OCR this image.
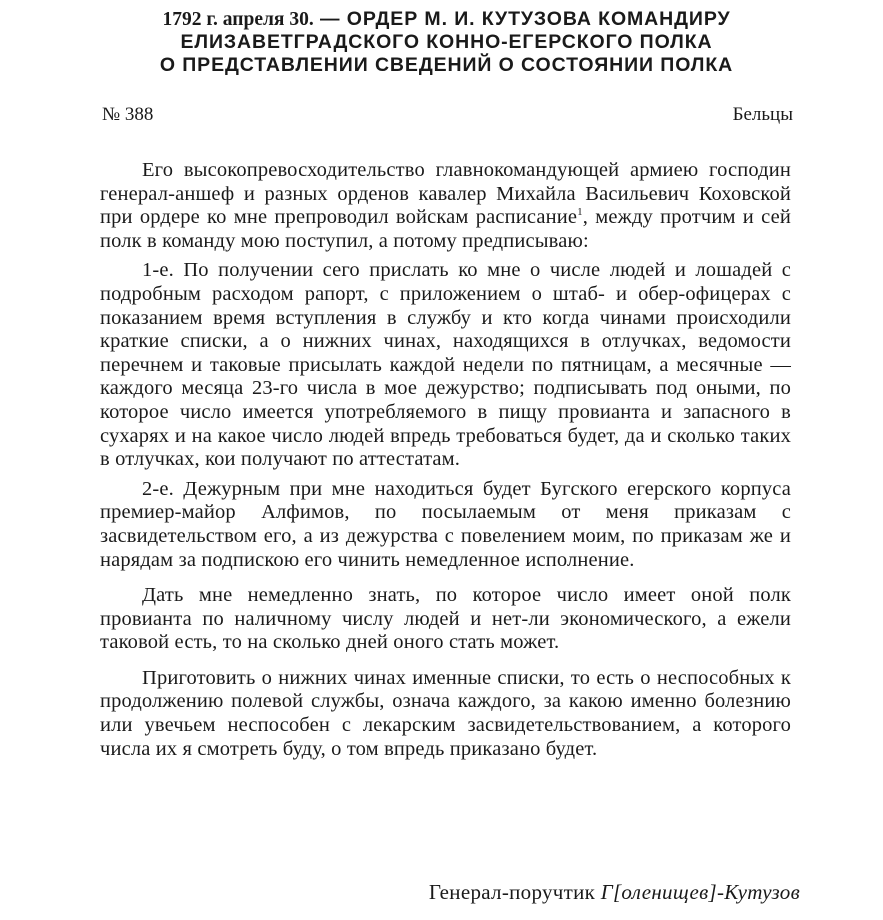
1792 г. апреля 30. — ОРДЕР М. И. КУТУЗОВА КОМАНДИРУ
ЕЛИЗАВЕТГРАДСКОГО КОННО-ЕГЕРСКОГО ПОЛКА
О ПРЕДСТАВЛЕНИИ СВЕДЕНИЙ О СОСТОЯНИИ ПОЛКА
№ 388	Бельцы

Его высокопревосходительство главнокомандующей армиею господин генерал-аншеф и разных орденов кавалер Михайла Васильевич Коховской при ордере ко мне препроводил войскам расписание$^1$, между протчим и сей полк в команду мою поступил, а потому предписываю:

1-е. По получении сего прислать ко мне о числе людей и лошадей с подробным расходом рапорт, с приложением о штаб- и обер-офицерах с показанием время вступления в службу и кто когда чинами происходили краткие списки, а о нижних чинах, находящихся в отлучках, ведомости перечнем и таковые присылать каждой недели по пятницам, а месячные — каждого месяца 23-го числа в мое дежурство; подписывать под оными, по которое число имеется употребляемого в пищу провианта и запасного в сухарях и на какое число людей впредь требоваться будет, да и сколько таких в отлучках, кои получают по аттестатам.

2-е. Дежурным при мне находиться будет Бугского егерского корпуса премиер-майор Алфимов, по посылаемым от меня приказам с засвидетельством его, а из дежурства с повелением моим, по приказам же и нарядам за подпискою его чинить немедленное исполнение.

Дать мне немедленно знать, по которое число имеет оной полк провианта по наличному числу людей и нет-ли экономического, а ежели таковой есть, то на сколько дней оного стать может.

Приготовить о нижних чинах именные списки, то есть о неспособных к продолжению полевой службы, означа каждого, за какою именно болезнию или увечьем неспособен с лекарским засвидетельствованием, а которого числа их я смотреть буду, о том впредь приказано будет.

Генерал-поручтик Г[оленищев]-Кутузов
